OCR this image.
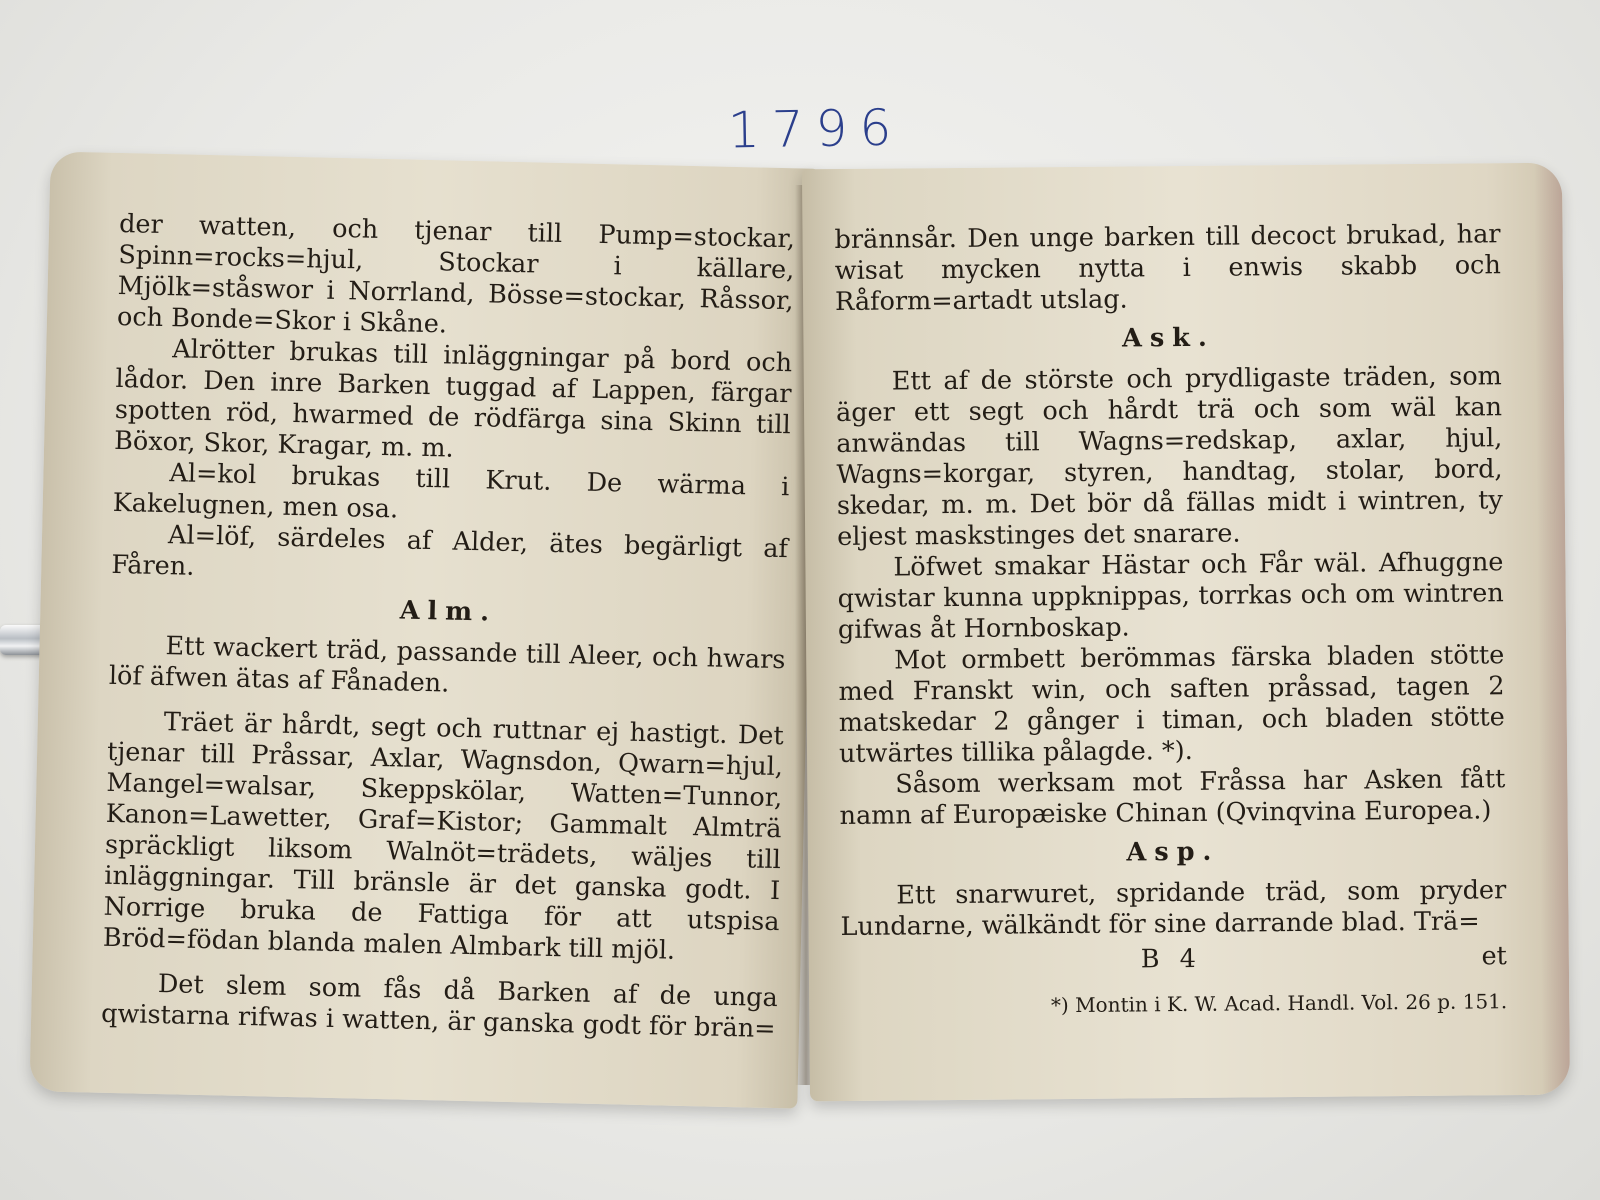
1796

der watten, och tjenar till Pump=stockar, Spinn=rocks=hjul, Stockar i källare, Mjölk=ståswor i Norrland, Bösse=stockar, Råssor, och Bonde=Skor i Skåne.

Alrötter brukas till inläggningar på bord och lådor. Den inre Barken tuggad af Lappen, färgar spotten röd, hwarmed de rödfärga sina Skinn till Böxor, Skor, Kragar, m. m.

Al=kol brukas till Krut. De wärma i Kakelugnen, men osa.

Al=löf, särdeles af Alder, ätes begärligt af Fåren.

Alm.

Ett wackert träd, passande till Aleer, och hwars löf äfwen ätas af Fånaden.

Träet är hårdt, segt och ruttnar ej hastigt. Det tjenar till Pråssar, Axlar, Wagnsdon, Qwarn=hjul, Mangel=walsar, Skeppskölar, Watten=Tunnor, Kanon=Lawetter, Graf=Kistor; Gammalt Almträ spräckligt liksom Walnöt=trädets, wäljes till inläggningar. Till bränsle är det ganska godt. I Norrige bruka de Fattiga för att utspisa Bröd=födan blanda malen Almbark till mjöl.

Det slem som fås då Barken af de unga qwistarna rifwas i watten, är ganska godt för brän=

brännsår. Den unge barken till decoct brukad, har wisat mycken nytta i enwis skabb och Råform=artadt utslag.

Ask.

Ett af de störste och prydligaste träden, som äger ett segt och hårdt trä och som wäl kan anwändas till Wagns=redskap, axlar, hjul, Wagns=korgar, styren, handtag, stolar, bord, skedar, m. m. Det bör då fällas midt i wintren, ty eljest maskstinges det snarare.

Löfwet smakar Hästar och Får wäl. Afhuggne qwistar kunna uppknippas, torrkas och om wintren gifwas åt Hornboskap.

Mot ormbett berömmas färska bladen stötte med Franskt win, och saften pråssad, tagen 2 matskedar 2 gånger i timan, och bladen stötte utwärtes tillika pålagde. *).

Såsom werksam mot Fråssa har Asken fått namn af Europæiske Chinan (Qvinqvina Europea.)

Asp.

Ett snarwuret, spridande träd, som pryder Lundarne, wälkändt för sine darrande blad. Trä=

B 4	et

*) Montin i K. W. Acad. Handl. Vol. 26 p. 151.
